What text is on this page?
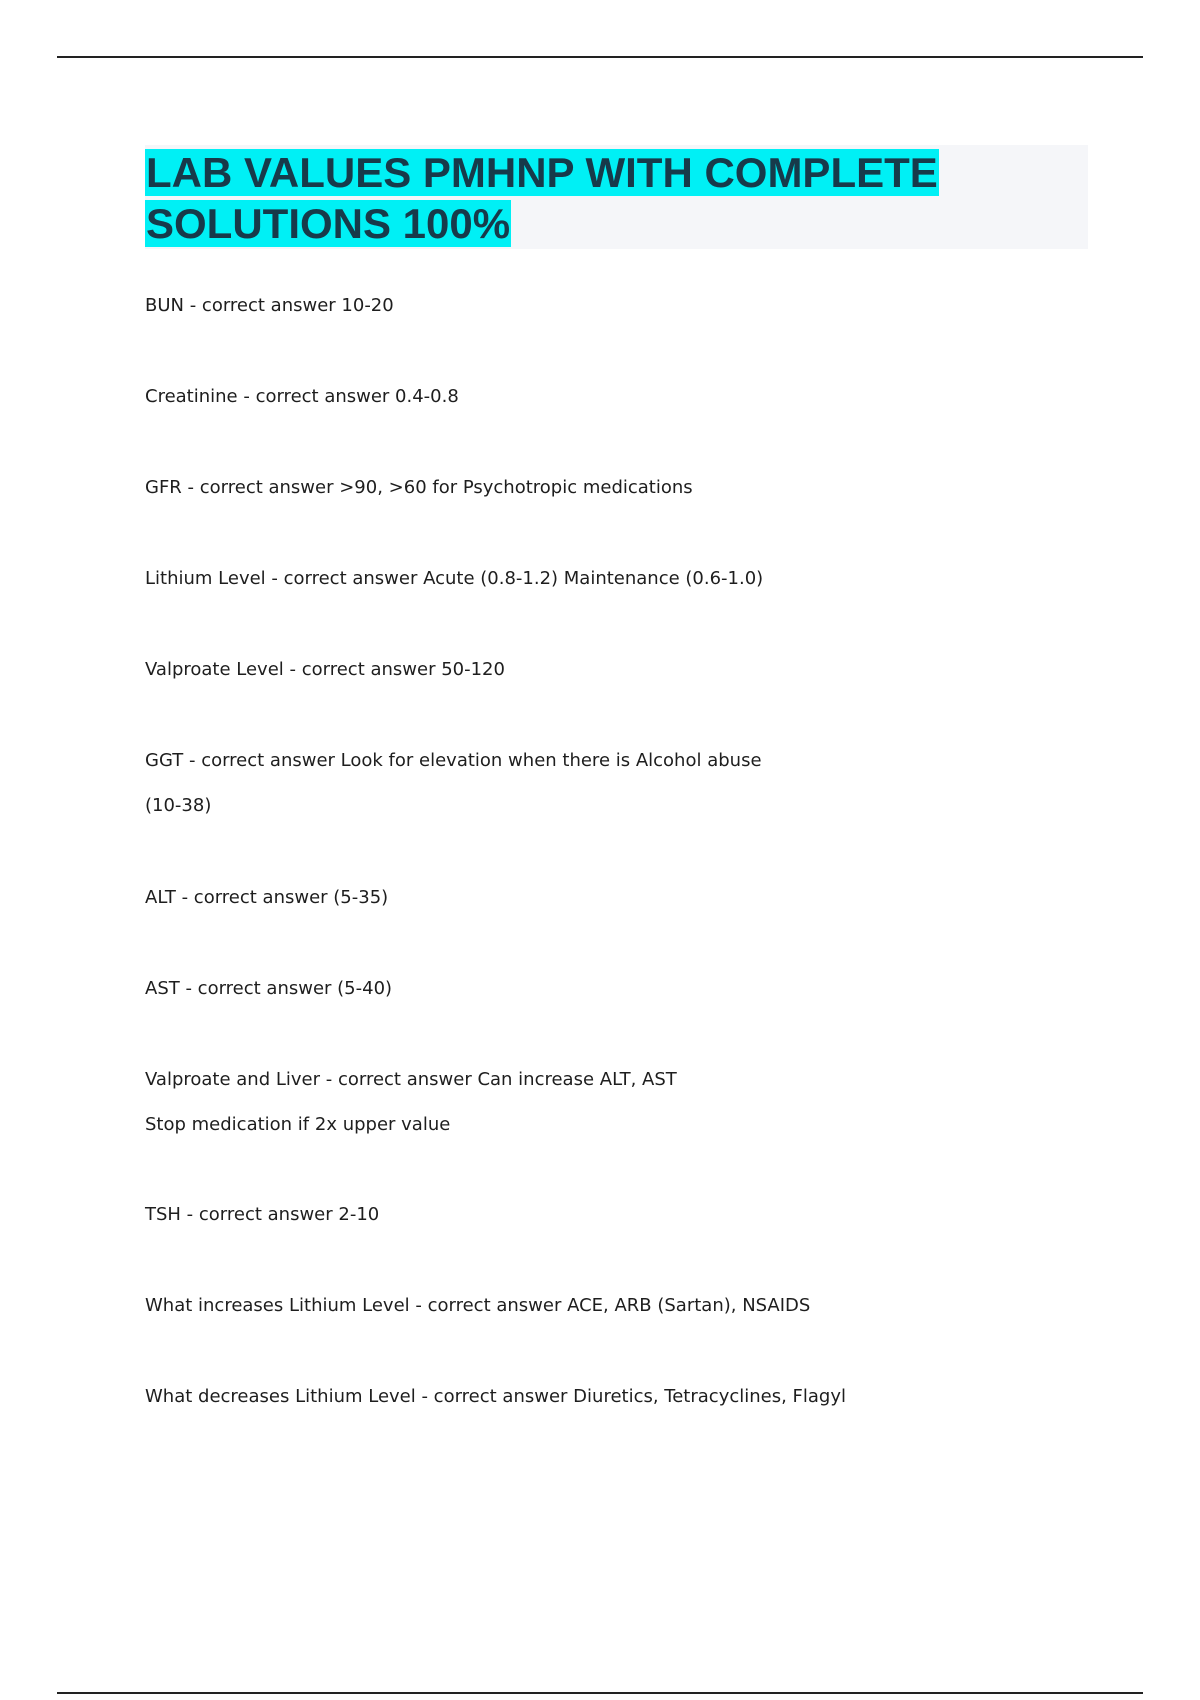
LAB VALUES PMHNP WITH COMPLETE
SOLUTIONS 100%
BUN - correct answer 10-20
Creatinine - correct answer 0.4-0.8
GFR - correct answer >90, >60 for Psychotropic medications
Lithium Level - correct answer Acute (0.8-1.2) Maintenance (0.6-1.0)
Valproate Level - correct answer 50-120
GGT - correct answer Look for elevation when there is Alcohol abuse
(10-38)
ALT - correct answer (5-35)
AST - correct answer (5-40)
Valproate and Liver - correct answer Can increase ALT, AST
Stop medication if 2x upper value
TSH - correct answer 2-10
What increases Lithium Level - correct answer ACE, ARB (Sartan), NSAIDS
What decreases Lithium Level - correct answer Diuretics, Tetracyclines, Flagyl
